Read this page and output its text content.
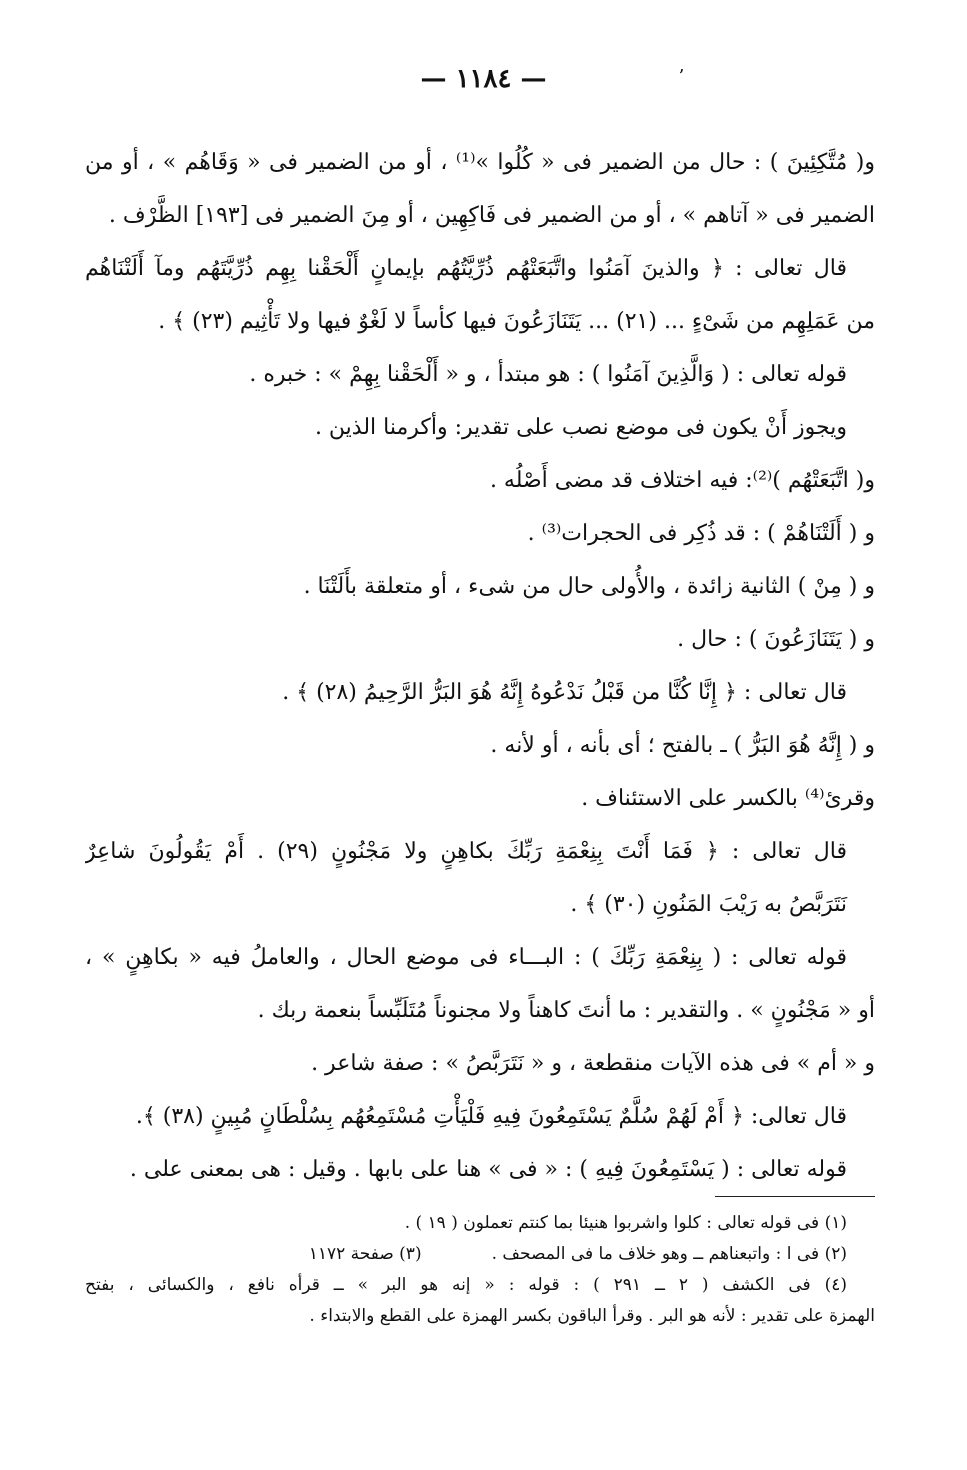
— ١١٨٤ —	ʼ
و( مُتَّكِئِينَ ) : حال من الضمير فى « كُلُوا »⁽¹⁾ ، أو من الضمير فى « وَقَاهُم » ، أو من
الضمير فى « آتاهم » ، أو من الضمير فى فَاكِهِين ، أو مِنَ الضمير فى [١٩٣] الظَّرْف .
قال تعالى : ﴿ والذينَ آمَنُوا واتَّبَعَتْهُم ذُرِّيَّتُهُم بإيمانٍ أَلْحَقْنا بِهِم ذُرِّيَّتَهُم ومآ أَلَتْنَاهُم
من عَمَلِهِم من شَىْءٍ ... (٢١) ... يَتَنَازَعُونَ فيها كأساً لا لَغْوٌ فيها ولا تَأْثِيم (٢٣) ﴾ .
قوله تعالى : ( وَالَّذِينَ آمَنُوا ) : هو مبتدأ ، و « أَلْحَقْنا بِهِمْ » : خبره .
ويجوز أَنْ يكون فى موضع نصب على تقدير: وأكرمنا الذين .
و( اتَّبَعَتْهُم )⁽²⁾: فيه اختلاف قد مضى أَصْلُه .
و ( أَلَتْنَاهُمْ ) : قد ذُكِر فى الحجرات⁽³⁾ .
و ( مِنْ ) الثانية زائدة ، والأُولى حال من شىء ، أو متعلقة بأَلَتْنَا .
و ( يَتَنَازَعُونَ ) : حال .
قال تعالى : ﴿ إِنَّا كُنَّا من قَبْلُ نَدْعُوهُ إِنَّهُ هُوَ البَرُّ الرَّحِيمُ (٢٨) ﴾ .
و ( إِنَّهُ هُوَ البَرُّ ) ـ بالفتح ؛ أى بأنه ، أو لأنه .
وقرئ⁽⁴⁾ بالكسر على الاستئناف .
قال تعالى : ﴿ فَمَا أَنْتَ بِنِعْمَةِ رَبِّكَ بكاهِنٍ ولا مَجْنُونٍ (٢٩) . أَمْ يَقُولُونَ شاعِرٌ
نَتَرَبَّصُ به رَيْبَ المَنُونِ (٣٠) ﴾ .
قوله تعالى : ( بِنِعْمَةِ رَبِّكَ ) : البـــاء فى موضع الحال ، والعاملُ فيه « بكاهِنٍ » ،
أو « مَجْنُونٍ » . والتقدير : ما أنتَ كاهناً ولا مجنوناً مُتَلَبِّساً بنعمة ربك .
و « أم » فى هذه الآيات منقطعة ، و « نَتَرَبَّصُ » : صفة شاعر .
قال تعالى: ﴿ أَمْ لَهُمْ سُلَّمٌ يَسْتَمِعُونَ فِيهِ فَلْيَأْتِ مُسْتَمِعُهُم بِسُلْطَانٍ مُبِينٍ (٣٨) ﴾.
قوله تعالى : ( يَسْتَمِعُونَ فِيهِ ) : « فى » هنا على بابها . وقيل : هى بمعنى على .
(١) فى قوله تعالى : كلوا واشربوا هنيئا بما كنتم تعملون ( ١٩ ) .
(٢) فى ا : واتبعناهم ــ وهو خلاف ما فى المصحف .
(٣) صفحة ١١٧٢
(٤) فى الكشف ( ٢ ــ ٢٩١ ) : قوله : « إنه هو البر » ــ قرأه نافع ، والكسائى ، بفتح
الهمزة على تقدير : لأنه هو البر . وقرأ الباقون بكسر الهمزة على القطع والابتداء .
